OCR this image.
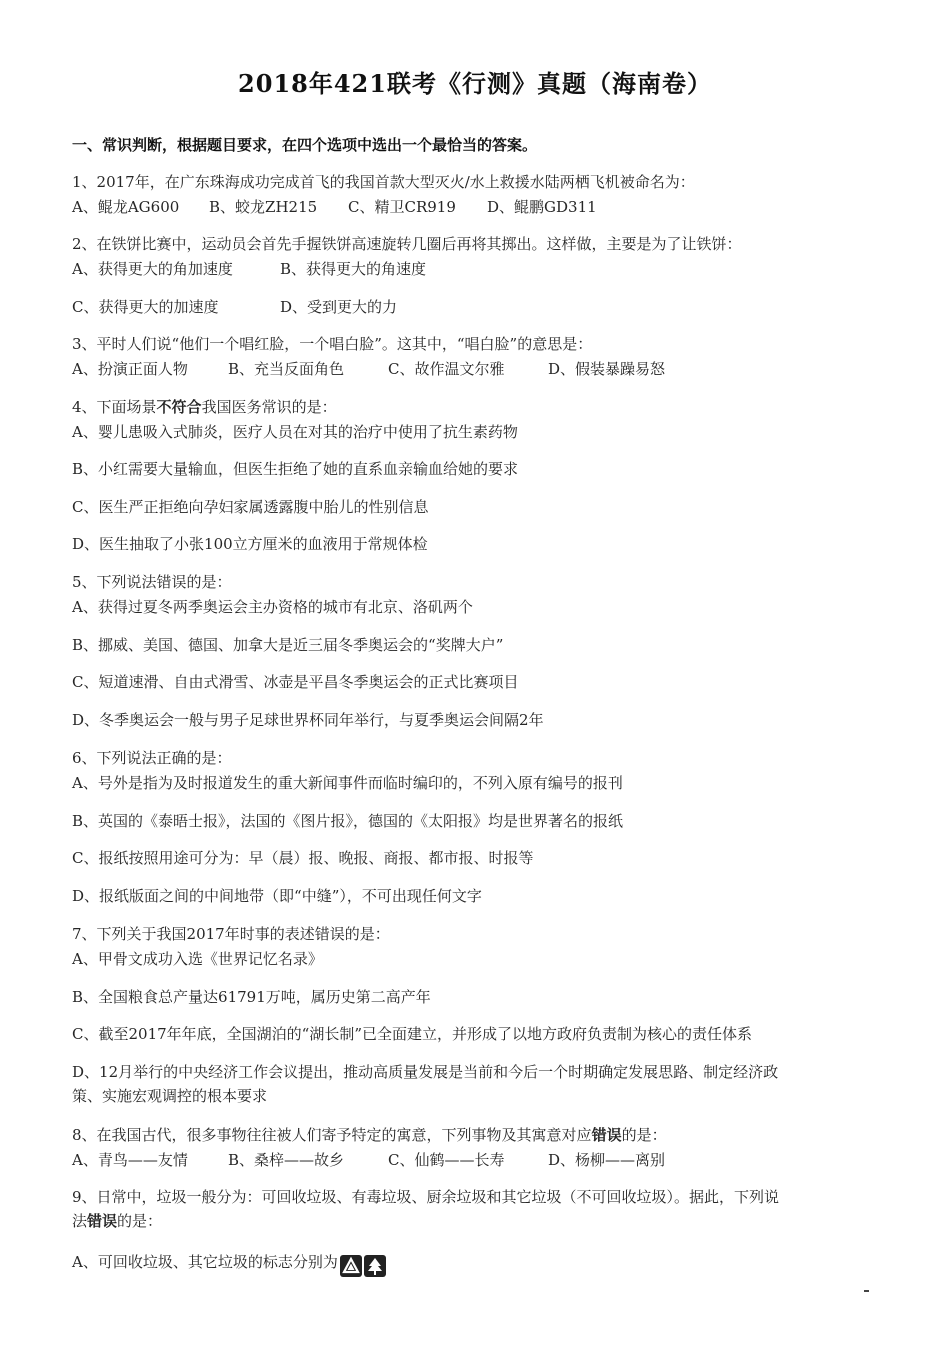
2018年421联考《行测》真题（海南卷）
一、常识判断，根据题目要求，在四个选项中选出一个最恰当的答案。
1、2017年，在广东珠海成功完成首飞的我国首款大型灭火/水上救援水陆两栖飞机被命名为：
A、鲲龙AG600 B、蛟龙ZH215 C、精卫CR919 D、鲲鹏GD311
2、在铁饼比赛中，运动员会首先手握铁饼高速旋转几圈后再将其掷出。这样做，主要是为了让铁饼：
A、获得更大的角加速度	B、获得更大的角速度
C、获得更大的加速度	D、受到更大的力
3、平时人们说“他们一个唱红脸，一个唱白脸”。这其中，“唱白脸”的意思是：
A、扮演正面人物	B、充当反面角色	C、故作温文尔雅	D、假装暴躁易怒
4、下面场景不符合我国医务常识的是：
A、婴儿患吸入式肺炎，医疗人员在对其的治疗中使用了抗生素药物
B、小红需要大量输血，但医生拒绝了她的直系血亲输血给她的要求
C、医生严正拒绝向孕妇家属透露腹中胎儿的性别信息
D、医生抽取了小张100立方厘米的血液用于常规体检
5、下列说法错误的是：
A、获得过夏冬两季奥运会主办资格的城市有北京、洛矶两个
B、挪威、美国、德国、加拿大是近三届冬季奥运会的“奖牌大户”
C、短道速滑、自由式滑雪、冰壶是平昌冬季奥运会的正式比赛项目
D、冬季奥运会一般与男子足球世界杯同年举行，与夏季奥运会间隔2年
6、下列说法正确的是：
A、号外是指为及时报道发生的重大新闻事件而临时编印的，不列入原有编号的报刊
B、英国的《泰晤士报》，法国的《图片报》，德国的《太阳报》均是世界著名的报纸
C、报纸按照用途可分为：早（晨）报、晚报、商报、都市报、时报等
D、报纸版面之间的中间地带（即“中缝”），不可出现任何文字
7、下列关于我国2017年时事的表述错误的是：
A、甲骨文成功入选《世界记忆名录》
B、全国粮食总产量达61791万吨，属历史第二高产年
C、截至2017年年底，全国湖泊的“湖长制”已全面建立，并形成了以地方政府负责制为核心的责任体系
D、12月举行的中央经济工作会议提出，推动高质量发展是当前和今后一个时期确定发展思路、制定经济政
策、实施宏观调控的根本要求
8、在我国古代，很多事物往往被人们寄予特定的寓意，下列事物及其寓意对应错误的是：
A、青鸟——友情	B、桑梓——故乡	C、仙鹤——长寿	D、杨柳——离别
9、日常中，垃圾一般分为：可回收垃圾、有毒垃圾、厨余垃圾和其它垃圾（不可回收垃圾）。据此，下列说
法错误的是：
A、可回收垃圾、其它垃圾的标志分别为
